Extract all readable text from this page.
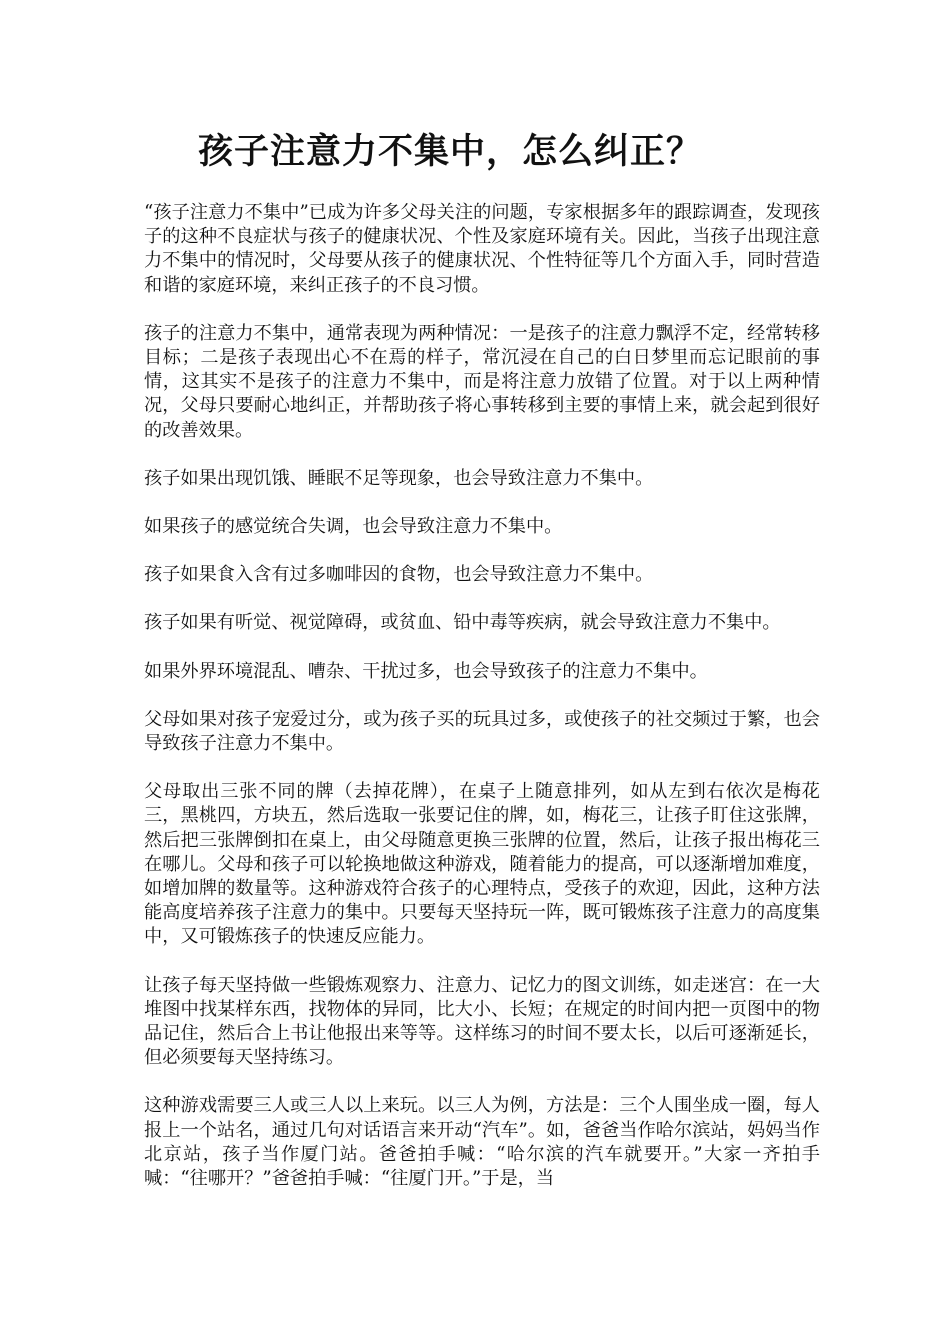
孩子注意力不集中，怎么纠正？

“孩子注意力不集中”已成为许多父母关注的问题，专家根据多年的跟踪调查，发现孩子的这种不良症状与孩子的健康状况、个性及家庭环境有关。因此，当孩子出现注意力不集中的情况时，父母要从孩子的健康状况、个性特征等几个方面入手，同时营造和谐的家庭环境，来纠正孩子的不良习惯。

孩子的注意力不集中，通常表现为两种情况：一是孩子的注意力飘浮不定，经常转移目标；二是孩子表现出心不在焉的样子，常沉浸在自己的白日梦里而忘记眼前的事情，这其实不是孩子的注意力不集中，而是将注意力放错了位置。对于以上两种情况，父母只要耐心地纠正，并帮助孩子将心事转移到主要的事情上来，就会起到很好的改善效果。

孩子如果出现饥饿、睡眠不足等现象，也会导致注意力不集中。

如果孩子的感觉统合失调，也会导致注意力不集中。

孩子如果食入含有过多咖啡因的食物，也会导致注意力不集中。

孩子如果有听觉、视觉障碍，或贫血、铅中毒等疾病，就会导致注意力不集中。

如果外界环境混乱、嘈杂、干扰过多，也会导致孩子的注意力不集中。

父母如果对孩子宠爱过分，或为孩子买的玩具过多，或使孩子的社交频过于繁，也会导致孩子注意力不集中。

父母取出三张不同的牌（去掉花牌），在桌子上随意排列，如从左到右依次是梅花三，黑桃四，方块五，然后选取一张要记住的牌，如，梅花三，让孩子盯住这张牌，然后把三张牌倒扣在桌上，由父母随意更换三张牌的位置，然后，让孩子报出梅花三在哪儿。父母和孩子可以轮换地做这种游戏，随着能力的提高，可以逐渐增加难度，如增加牌的数量等。这种游戏符合孩子的心理特点，受孩子的欢迎，因此，这种方法能高度培养孩子注意力的集中。只要每天坚持玩一阵，既可锻炼孩子注意力的高度集中，又可锻炼孩子的快速反应能力。

让孩子每天坚持做一些锻炼观察力、注意力、记忆力的图文训练，如走迷宫：在一大堆图中找某样东西，找物体的异同，比大小、长短；在规定的时间内把一页图中的物品记住，然后合上书让他报出来等等。这样练习的时间不要太长，以后可逐渐延长，但必须要每天坚持练习。

这种游戏需要三人或三人以上来玩。以三人为例，方法是：三个人围坐成一圈，每人报上一个站名，通过几句对话语言来开动“汽车”。如，爸爸当作哈尔滨站，妈妈当作北京站，孩子当作厦门站。爸爸拍手喊：“哈尔滨的汽车就要开。”大家一齐拍手喊：“往哪开？”爸爸拍手喊：“往厦门开。”于是，当
